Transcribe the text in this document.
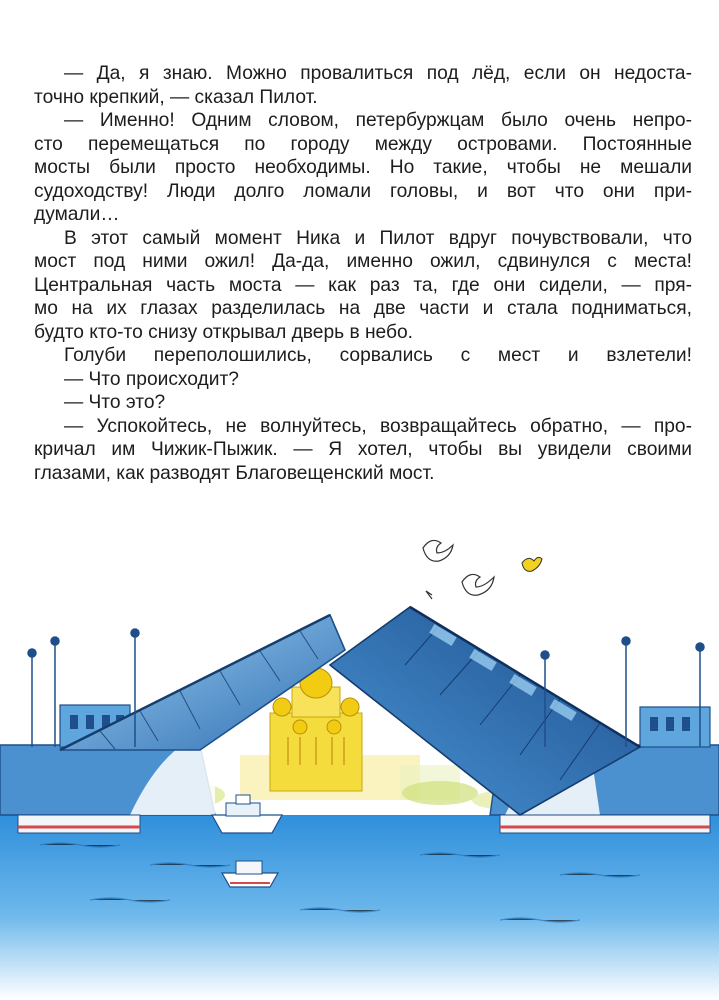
— Да, я знаю. Можно провалиться под лёд, если он недоста-
точно крепкий, — сказал Пилот.
— Именно! Одним словом, петербуржцам было очень непро-
сто перемещаться по городу между островами. Постоянные
мосты были просто необходимы. Но такие, чтобы не мешали
судоходству! Люди долго ломали головы, и вот что они при-
думали…
В этот самый момент Ника и Пилот вдруг почувствовали, что
мост под ними ожил! Да-да, именно ожил, сдвинулся с места!
Центральная часть моста — как раз та, где они сидели, — пря-
мо на их глазах разделилась на две части и стала подниматься,
будто кто-то снизу открывал дверь в небо.
Голуби переполошились, сорвались с мест и взлетели!
— Что происходит?
— Что это?
— Успокойтесь, не волнуйтесь, возвращайтесь обратно, — про-
кричал им Чижик-Пыжик. — Я хотел, чтобы вы увидели своими
глазами, как разводят Благовещенский мост.
